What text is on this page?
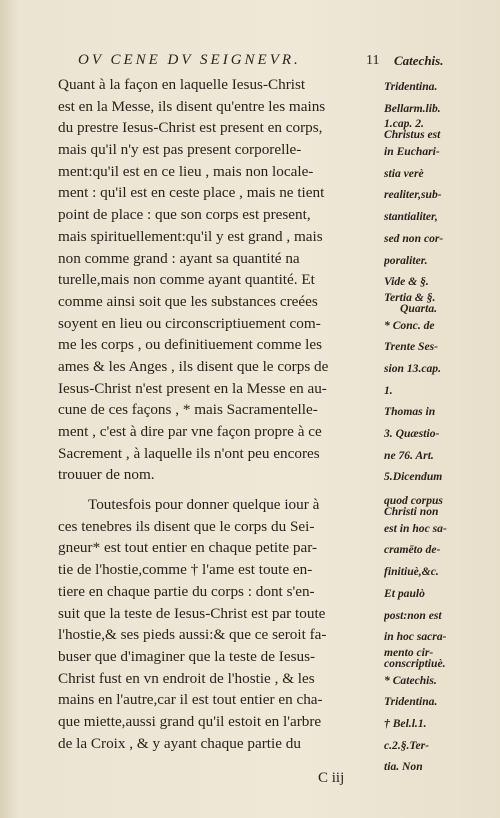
OV CENE DV SEIGNEVR.	11 Catechis.
Quant à la façon en laquelle Iesus-Christ
est en la Messe, ils disent qu'entre les mains
du prestre Iesus-Christ est present en corps,
mais qu'il n'y est pas present corporelle-
ment:qu'il est en ce lieu , mais non locale-
ment : qu'il est en ceste place , mais ne tient
point de place : que son corps est present,
mais spirituellement:qu'il y est grand , mais
non comme grand : ayant sa quantité na
turelle,mais non comme ayant quantité. Et
comme ainsi soit que les substances creées
soyent en lieu ou circonscriptiuement com-
me les corps , ou definitiuement comme les
ames & les Anges , ils disent que le corps de
Iesus-Christ n'est present en la Messe en au-
cune de ces façons , * mais Sacramentelle-
ment , c'est à dire par vne façon propre à ce
Sacrement , à laquelle ils n'ont peu encores
trouuer de nom.
Toutesfois pour donner quelque iour à
ces tenebres ils disent que le corps du Sei-
gneur* est tout entier en chaque petite par-
tie de l'hostie,comme † l'ame est toute en-
tiere en chaque partie du corps : dont s'en-
suit que la teste de Iesus-Christ est par toute
l'hostie,& ses pieds aussi:& que ce seroit fa-
buser que d'imaginer que la teste de Iesus-
Christ fust en vn endroit de l'hostie , & les
mains en l'autre,car il est tout entier en cha-
que miette,aussi grand qu'il estoit en l'arbre
de la Croix , & y ayant chaque partie du
Tridentina.
Bellarm.lib.
1.cap. 2.
Christus est
in Euchari-
stia verè
realiter,sub-
stantialiter,
sed non cor-
poraliter.
Vide & §.
Tertia & §.
Quarta.
* Conc. de
Trente Ses-
sion 13.cap.
1.
Thomas in
3. Quæstio-
ne 76. Art.
5.Dicendum
quod corpus
Christi non
est in hoc sa-
cramēto de-
finitiuè,&c.
Et paulò
post:non est
in hoc sacra-
mento cir-
conscriptiuè.
* Catechis.
Tridentina.
† Bel.l.1.
c.2.§.Ter-
tia. Non
C iij
